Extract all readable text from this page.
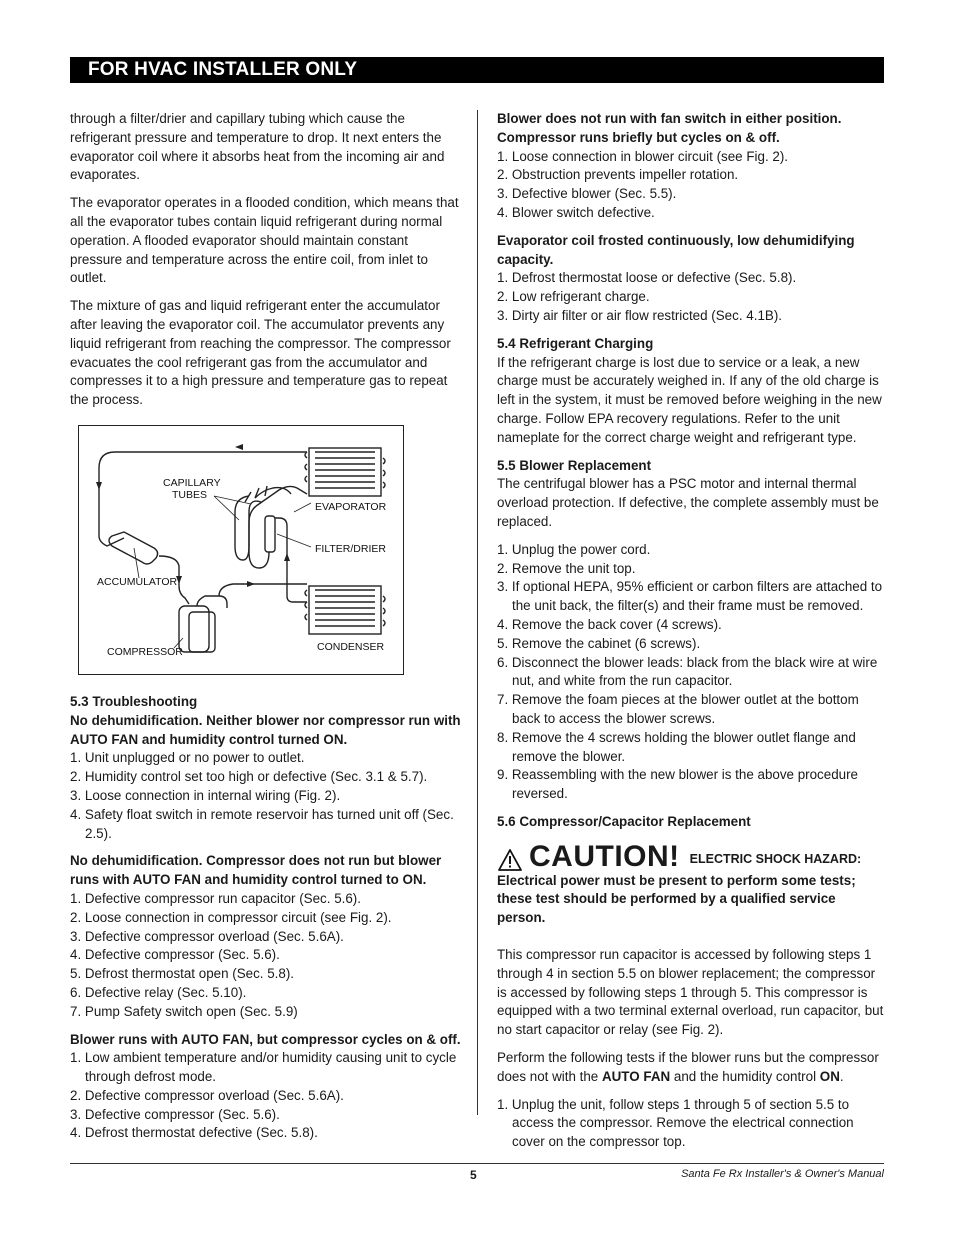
FOR HVAC INSTALLER ONLY

through a filter/drier and capillary tubing which cause the refrigerant pressure and temperature to drop. It next enters the evaporator coil where it absorbs heat from the incoming air and evaporates.

The evaporator operates in a flooded condition, which means that all the evaporator tubes contain liquid refrigerant during normal operation. A flooded evaporator should maintain constant pressure and temperature across the entire coil, from inlet to outlet.

The mixture of gas and liquid refrigerant enter the accumulator after leaving the evaporator coil. The accumulator prevents any liquid refrigerant from reaching the compressor. The compressor evacuates the cool refrigerant gas from the accumulator and compresses it to a high pressure and temperature gas to repeat the process.

CAPILLARY
TUBES
EVAPORATOR
FILTER/DRIER
ACCUMULATOR
COMPRESSOR	CONDENSER
5.3 Troubleshooting
No dehumidification. Neither blower nor compressor run with AUTO FAN and humidity control turned ON.
1. Unit unplugged or no power to outlet.
2. Humidity control set too high or defective (Sec. 3.1 & 5.7).
3. Loose connection in internal wiring (Fig. 2).
4. Safety float switch in remote reservoir has turned unit off (Sec. 2.5).
No dehumidification. Compressor does not run but blower runs with AUTO FAN and humidity control turned to ON.
1. Defective compressor run capacitor (Sec. 5.6).
2. Loose connection in compressor circuit (see Fig. 2).
3. Defective compressor overload (Sec. 5.6A).
4. Defective compressor (Sec. 5.6).
5. Defrost thermostat open (Sec. 5.8).
6. Defective relay (Sec. 5.10).
7. Pump Safety switch open (Sec. 5.9)
Blower runs with AUTO FAN, but compressor cycles on & off.
1. Low ambient temperature and/or humidity causing unit to cycle through defrost mode.
2. Defective compressor overload (Sec. 5.6A).
3. Defective compressor (Sec. 5.6).
4. Defrost thermostat defective (Sec. 5.8).
Blower does not run with fan switch in either position. Compressor runs briefly but cycles on & off.
1. Loose connection in blower circuit (see Fig. 2).
2. Obstruction prevents impeller rotation.
3. Defective blower (Sec. 5.5).
4. Blower switch defective.
Evaporator coil frosted continuously, low dehumidifying capacity.
1. Defrost thermostat loose or defective (Sec. 5.8).
2. Low refrigerant charge.
3. Dirty air filter or air flow restricted (Sec. 4.1B).
5.4 Refrigerant Charging

If the refrigerant charge is lost due to service or a leak, a new charge must be accurately weighed in. If any of the old charge is left in the system, it must be removed before weighing in the new charge. Follow EPA recovery regulations. Refer to the unit nameplate for the correct charge weight and refrigerant type.

5.5 Blower Replacement

The centrifugal blower has a PSC motor and internal thermal overload protection. If defective, the complete assembly must be replaced.

1. Unplug the power cord.
2. Remove the unit top.
3. If optional HEPA, 95% efficient or carbon filters are attached to the unit back, the filter(s) and their frame must be removed.
4. Remove the back cover (4 screws).
5. Remove the cabinet (6 screws).
6. Disconnect the blower leads: black from the black wire at wire nut, and white from the run capacitor.
7. Remove the foam pieces at the blower outlet at the bottom back to access the blower screws.
8. Remove the 4 screws holding the blower outlet flange and remove the blower.
9. Reassembling with the new blower is the above procedure reversed.
5.6 Compressor/Capacitor Replacement
CAUTION! ELECTRIC SHOCK HAZARD:

Electrical power must be present to perform some tests; these test should be performed by a qualified service person.

This compressor run capacitor is accessed by following steps 1 through 4 in section 5.5 on blower replacement; the compressor is accessed by following steps 1 through 5. This compressor is equipped with a two terminal external overload, run capacitor, but no start capacitor or relay (see Fig. 2).

Perform the following tests if the blower runs but the compressor does not with the AUTO FAN and the humidity control ON.

1. Unplug the unit, follow steps 1 through 5 of section 5.5 to access the compressor. Remove the electrical connection cover on the compressor top.
5	Santa Fe Rx Installer's & Owner's Manual
